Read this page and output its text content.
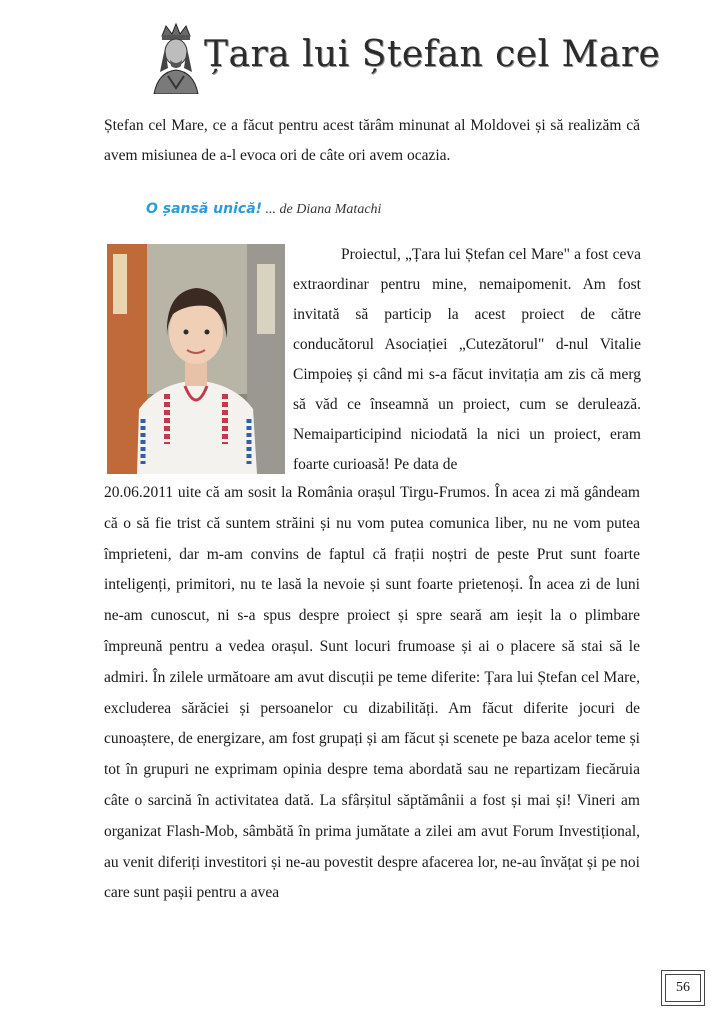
Țara lui Ștefan cel Mare
Ștefan cel Mare, ce a făcut pentru acest tărâm minunat al Moldovei și să realizăm că avem misiunea de a-l evoca ori de câte ori avem ocazia.
O șansă unică! ... de Diana Matachi
Proiectul, „Țara lui Ștefan cel Mare" a fost ceva extraordinar pentru mine, nemaipomenit. Am fost invitată să particip la acest proiect de către conducătorul Asociației „Cutezătorul" d-nul Vitalie Cimpoieș și când mi s-a făcut invitația am zis că merg să văd ce înseamnă un proiect, cum se derulează. Nemaiparticipind niciodată la nici un proiect, eram foarte curioasă! Pe data de
20.06.2011 uite că am sosit la România orașul Tirgu-Frumos. În acea zi mă gândeam că o să fie trist că suntem străini și nu vom putea comunica liber, nu ne vom putea împrieteni, dar m-am convins de faptul că frații noștri de peste Prut sunt foarte inteligenți, primitori, nu te lasă la nevoie și sunt foarte prietenoși. În acea zi de luni ne-am cunoscut, ni s-a spus despre proiect și spre seară am ieșit la o plimbare împreună pentru a vedea orașul. Sunt locuri frumoase și ai o placere să stai să le admiri. În zilele următoare am avut discuții pe teme diferite: Țara lui Ștefan cel Mare, excluderea sărăciei și persoanelor cu dizabilități. Am făcut diferite jocuri de cunoaștere, de energizare, am fost grupați și am făcut și scenete pe baza acelor teme și tot în grupuri ne exprimam opinia despre tema abordată sau ne repartizam fiecăruia câte o sarcină în activitatea dată. La sfârșitul săptămânii a fost și mai și! Vineri am organizat Flash-Mob, sâmbătă în prima jumătate a zilei am avut Forum Investițional, au venit diferiți investitori și ne-au povestit despre afacerea lor, ne-au învățat și pe noi care sunt pașii pentru a avea
56
